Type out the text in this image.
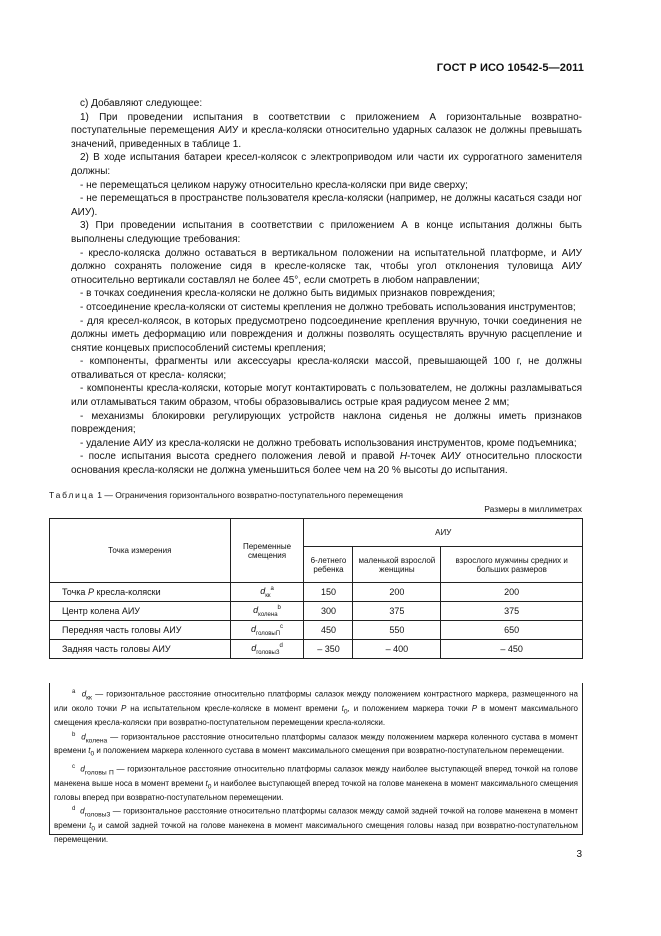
ГОСТ Р ИСО 10542-5—2011

с) Добавляют следующее:

1) При проведении испытания в соответствии с приложением А горизонтальные возвратно-поступательные перемещения АИУ и кресла-коляски относительно ударных салазок не должны превышать значений, приведенных в таблице 1.

2) В ходе испытания батареи кресел-колясок с электроприводом или части их суррогатного заменителя должны:

- не перемещаться целиком наружу относительно кресла-коляски при виде сверху;

- не перемещаться в пространстве пользователя кресла-коляски (например, не должны касаться сзади ног АИУ).

3) При проведении испытания в соответствии с приложением А в конце испытания должны быть выполнены следующие требования:

- кресло-коляска должно оставаться в вертикальном положении на испытательной платформе, и АИУ должно сохранять положение сидя в кресле-коляске так, чтобы угол отклонения туловища АИУ относительно вертикали составлял не более 45°, если смотреть в любом направлении;

- в точках соединения кресла-коляски не должно быть видимых признаков повреждения;

- отсоединение кресла-коляски от системы крепления не должно требовать использования инструментов;

- для кресел-колясок, в которых предусмотрено подсоединение крепления вручную, точки соединения не должны иметь деформацию или повреждения и должны позволять осуществлять вручную расцепление и снятие концевых приспособлений системы крепления;

- компоненты, фрагменты или аксессуары кресла-коляски массой, превышающей 100 г, не должны отваливаться от кресла- коляски;

- компоненты кресла-коляски, которые могут контактировать с пользователем, не должны разламываться или отламываться таким образом, чтобы образовывались острые края радиусом менее 2 мм;

- механизмы блокировки регулирующих устройств наклона сиденья не должны иметь признаков повреждения;

- удаление АИУ из кресла-коляски не должно требовать использования инструментов, кроме подъемника;

- после испытания высота среднего положения левой и правой Н-точек АИУ относительно плоскости основания кресла-коляски не должна уменьшиться более чем на 20 % высоты до испытания.

Таблица 1 — Ограничения горизонтального возвратно-поступательного перемещения
Размеры в миллиметрах
Точка измерения	Переменные смещения	АИУ		
		6-летнего ребенка	маленькой взрослой женщины	взрослого мужчины средних и больших размеров
Точка P кресла-коляски	$d_{кк}^a$	150	200	200
Центр колена АИУ	$d_{колена}^b$	300	375	375
Передняя часть головы АИУ	$d_{головыП}^c$	450	550	650
Задняя часть головы АИУ	$d_{головыЗ}^d$	– 350	– 400	– 450

$^a$ $d_{кк}$ — горизонтальное расстояние относительно платформы салазок между положением контрастного маркера, размещенного на или около точки P на испытательном кресле-коляске в момент времени $t_0$, и положением маркера точки P в момент максимального смещения кресла-коляски при возвратно-поступательном перемещении кресла-коляски.

$^b$ $d_{колена}$ — горизонтальное расстояние относительно платформы салазок между положением маркера коленного сустава в момент времени $t_0$ и положением маркера коленного сустава в момент максимального смещения при возвратно-поступательном перемещении.

$^c$ $d_{головы П}$ — горизонтальное расстояние относительно платформы салазок между наиболее выступающей вперед точкой на голове манекена выше носа в момент времени $t_0$ и наиболее выступающей вперед точкой на голове манекена в момент максимального смещения головы вперед при возвратно-поступательном перемещении.

$^d$ $d_{головыЗ}$ — горизонтальное расстояние относительно платформы салазок между самой задней точкой на голове манекена в момент времени $t_0$ и самой задней точкой на голове манекена в момент максимального смещения головы назад при возвратно-поступательном перемещении.

3
